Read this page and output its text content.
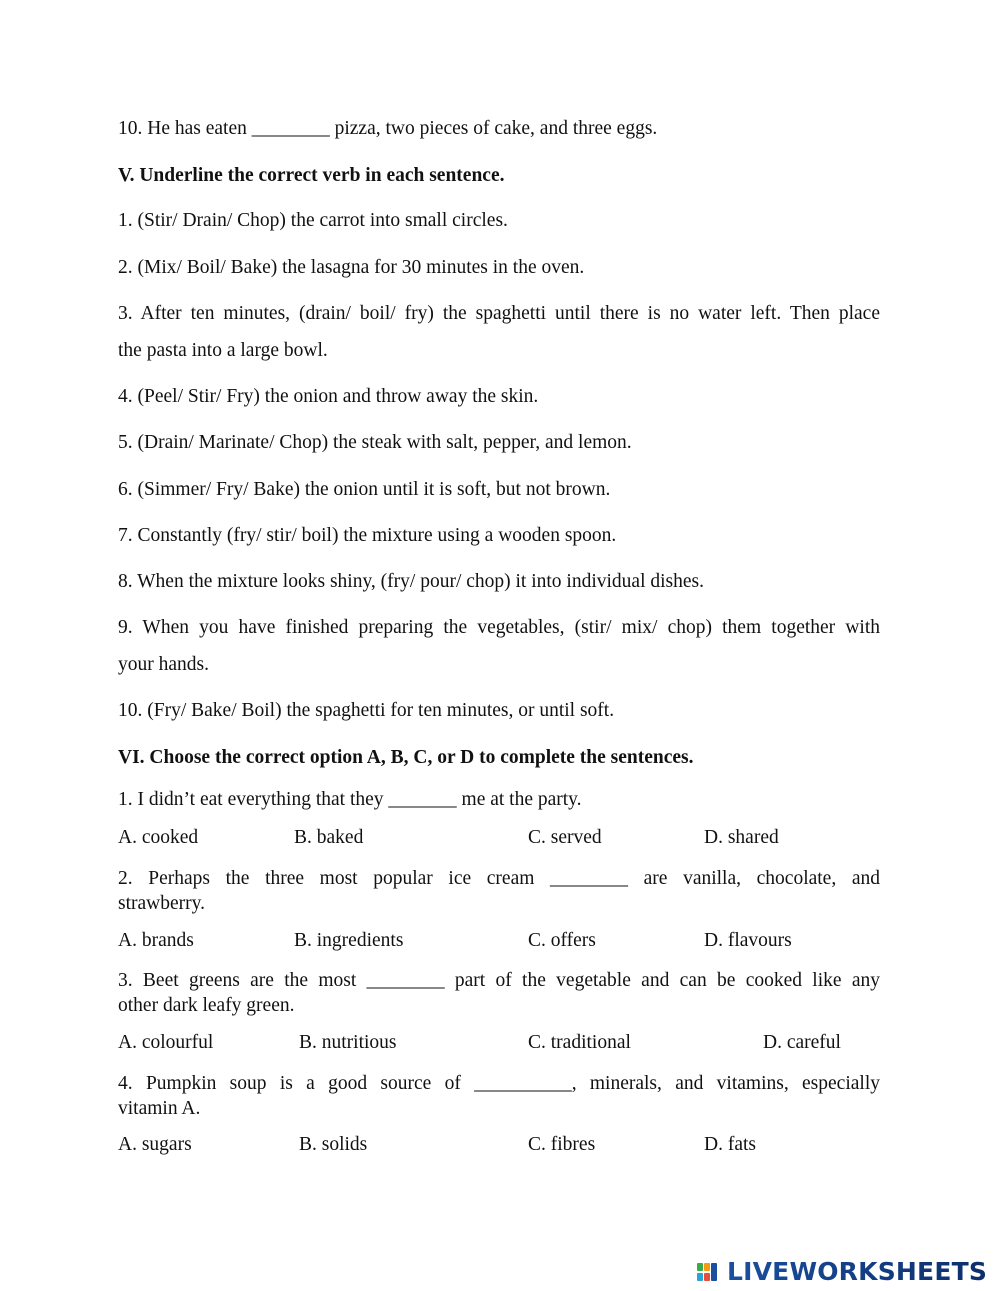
10. He has eaten ________ pizza, two pieces of cake, and three eggs.
V. Underline the correct verb in each sentence.
1. (Stir/ Drain/ Chop) the carrot into small circles.
2. (Mix/ Boil/ Bake) the lasagna for 30 minutes in the oven.
3. After ten minutes, (drain/ boil/ fry) the spaghetti until there is no water left. Then place
the pasta into a large bowl.
4. (Peel/ Stir/ Fry) the onion and throw away the skin.
5. (Drain/ Marinate/ Chop) the steak with salt, pepper, and lemon.
6. (Simmer/ Fry/ Bake) the onion until it is soft, but not brown.
7. Constantly (fry/ stir/ boil) the mixture using a wooden spoon.
8. When the mixture looks shiny, (fry/ pour/ chop) it into individual dishes.
9. When you have finished preparing the vegetables, (stir/ mix/ chop) them together with
your hands.
10. (Fry/ Bake/ Boil) the spaghetti for ten minutes, or until soft.
VI. Choose the correct option A, B, C, or D to complete the sentences.
1. I didn’t eat everything that they _______ me at the party.
A. cooked	B. baked	C. served	D. shared
2. Perhaps the three most popular ice cream ________ are vanilla, chocolate, and
strawberry.
A. brands	B. ingredients	C. offers	D. flavours
3. Beet greens are the most ________ part of the vegetable and can be cooked like any
other dark leafy green.
A. colourful	B. nutritious	C. traditional	D. careful
4. Pumpkin soup is a good source of __________, minerals, and vitamins, especially
vitamin A.
A. sugars	B. solids	C. fibres	D. fats
LIVEWORKSHEETS
